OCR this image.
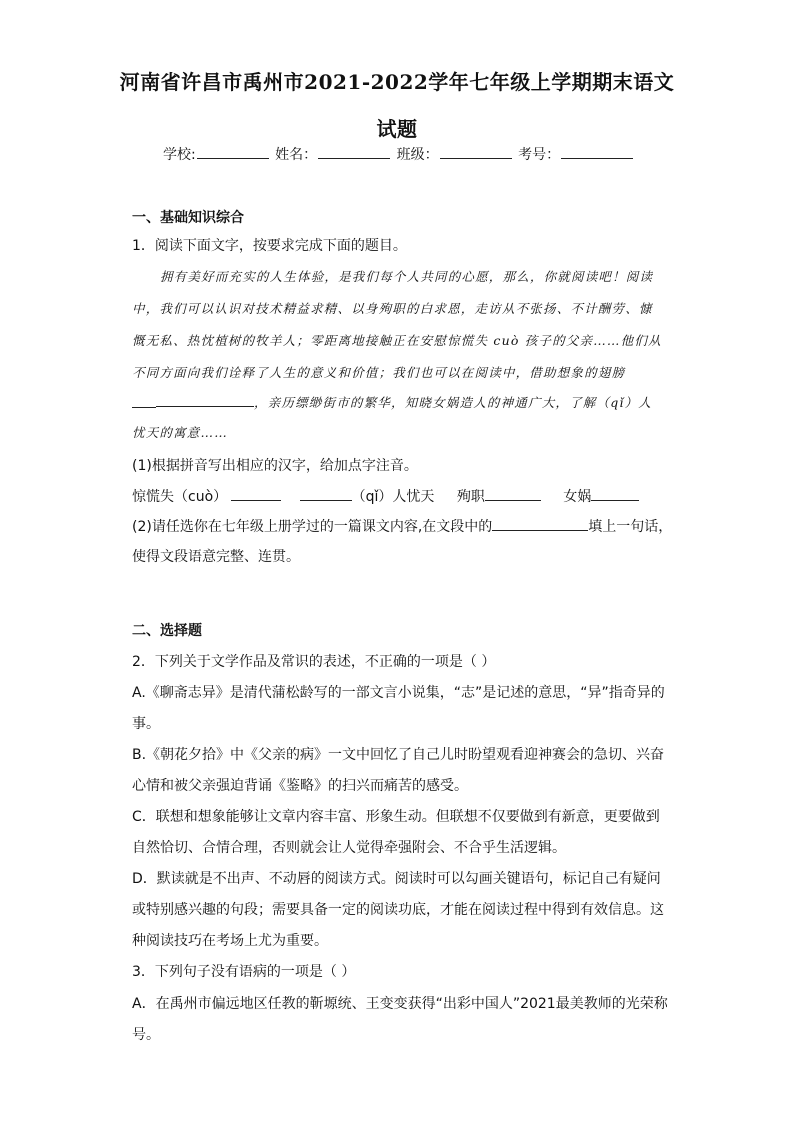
河南省许昌市禹州市2021-2022学年七年级上学期期末语文
试题
学校:	姓名：	班级：	考号：
一、基础知识综合
1．阅读下面文字，按要求完成下面的题目。
拥有美好而充实的人生体验，是我们每个人共同的心愿，那么，你就阅读吧！阅读
中，我们可以认识对技术精益求精、以身殉职的白求恩，走访从不张扬、不计酬劳、慷
慨无私、热忱植树的牧羊人；零距离地接触正在安慰惊慌失 cuò 孩子的父亲……他们从
不同方面向我们诠释了人生的意义和价值；我们也可以在阅读中，借助想象的翅膀
，亲历缥缈街市的繁华，知晓女娲造人的神通广大，了解（qǐ）人
忧天的寓意……
(1)根据拼音写出相应的汉字，给加点字注音。
惊慌失（cuò）	（qǐ）人忧天 殉职	女娲
(2)请任选你在七年级上册学过的一篇课文内容,在文段中的	填上一句话，
使得文段语意完整、连贯。
二、选择题
2．下列关于文学作品及常识的表述，不正确的一项是（ ）
A.《聊斋志异》是清代蒲松龄写的一部文言小说集，“志”是记述的意思，“异”指奇异的
事。
B.《朝花夕拾》中《父亲的病》一文中回忆了自己儿时盼望观看迎神赛会的急切、兴奋
心情和被父亲强迫背诵《鉴略》的扫兴而痛苦的感受。
C．联想和想象能够让文章内容丰富、形象生动。但联想不仅要做到有新意，更要做到
自然恰切、合情合理，否则就会让人觉得牵强附会、不合乎生活逻辑。
D．默读就是不出声、不动唇的阅读方式。阅读时可以勾画关键语句，标记自己有疑问
或特别感兴趣的句段；需要具备一定的阅读功底，才能在阅读过程中得到有效信息。这
种阅读技巧在考场上尤为重要。
3．下列句子没有语病的一项是（ ）
A．在禹州市偏远地区任教的靳塬统、王变变获得“出彩中国人”2021最美教师的光荣称
号。
